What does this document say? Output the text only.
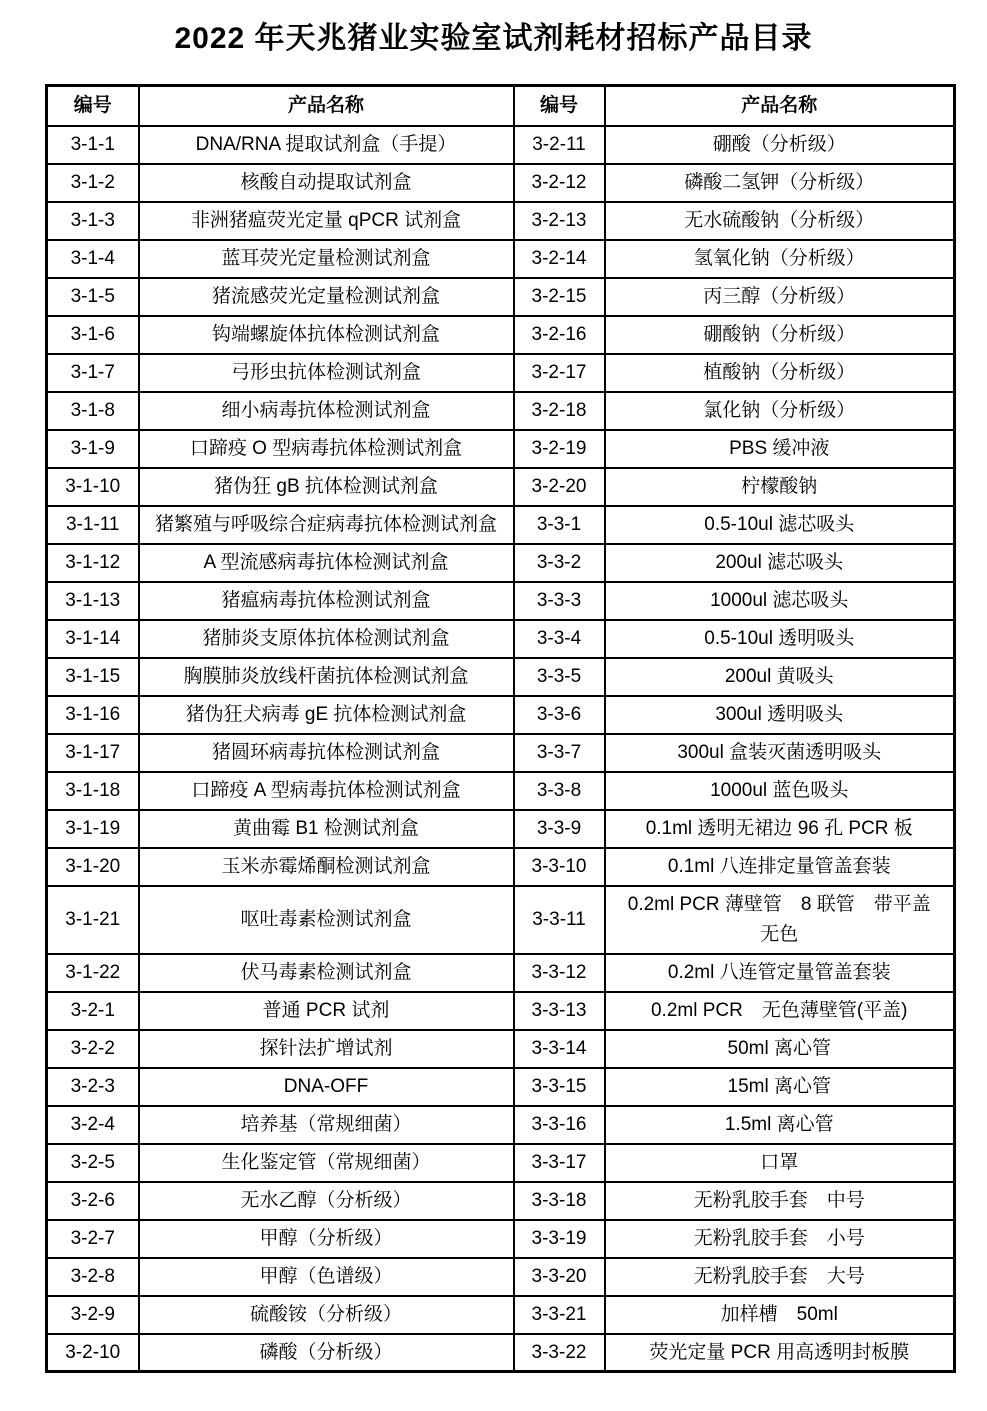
2022 年天兆猪业实验室试剂耗材招标产品目录
编号	产品名称	编号	产品名称
3-1-1	DNA/RNA 提取试剂盒（手提）	3-2-11	硼酸（分析级）
3-1-2	核酸自动提取试剂盒	3-2-12	磷酸二氢钾（分析级）
3-1-3	非洲猪瘟荧光定量 qPCR 试剂盒	3-2-13	无水硫酸钠（分析级）
3-1-4	蓝耳荧光定量检测试剂盒	3-2-14	氢氧化钠（分析级）
3-1-5	猪流感荧光定量检测试剂盒	3-2-15	丙三醇（分析级）
3-1-6	钩端螺旋体抗体检测试剂盒	3-2-16	硼酸钠（分析级）
3-1-7	弓形虫抗体检测试剂盒	3-2-17	植酸钠（分析级）
3-1-8	细小病毒抗体检测试剂盒	3-2-18	氯化钠（分析级）
3-1-9	口蹄疫 O 型病毒抗体检测试剂盒	3-2-19	PBS 缓冲液
3-1-10	猪伪狂 gB 抗体检测试剂盒	3-2-20	柠檬酸钠
3-1-11	猪繁殖与呼吸综合症病毒抗体检测试剂盒	3-3-1	0.5-10ul 滤芯吸头
3-1-12	A 型流感病毒抗体检测试剂盒	3-3-2	200ul 滤芯吸头
3-1-13	猪瘟病毒抗体检测试剂盒	3-3-3	1000ul 滤芯吸头
3-1-14	猪肺炎支原体抗体检测试剂盒	3-3-4	0.5-10ul 透明吸头
3-1-15	胸膜肺炎放线杆菌抗体检测试剂盒	3-3-5	200ul 黄吸头
3-1-16	猪伪狂犬病毒 gE 抗体检测试剂盒	3-3-6	300ul 透明吸头
3-1-17	猪圆环病毒抗体检测试剂盒	3-3-7	300ul 盒装灭菌透明吸头
3-1-18	口蹄疫 A 型病毒抗体检测试剂盒	3-3-8	1000ul 蓝色吸头
3-1-19	黄曲霉 B1 检测试剂盒	3-3-9	0.1ml 透明无裙边 96 孔 PCR 板
3-1-20	玉米赤霉烯酮检测试剂盒	3-3-10	0.1ml 八连排定量管盖套装
3-1-21	呕吐毒素检测试剂盒	3-3-11	0.2ml PCR 薄壁管　8 联管　带平盖　无色
3-1-22	伏马毒素检测试剂盒	3-3-12	0.2ml 八连管定量管盖套装
3-2-1	普通 PCR 试剂	3-3-13	0.2ml PCR　无色薄壁管(平盖)
3-2-2	探针法扩增试剂	3-3-14	50ml 离心管
3-2-3	DNA-OFF	3-3-15	15ml 离心管
3-2-4	培养基（常规细菌）	3-3-16	1.5ml 离心管
3-2-5	生化鉴定管（常规细菌）	3-3-17	口罩
3-2-6	无水乙醇（分析级）	3-3-18	无粉乳胶手套　中号
3-2-7	甲醇（分析级）	3-3-19	无粉乳胶手套　小号
3-2-8	甲醇（色谱级）	3-3-20	无粉乳胶手套　大号
3-2-9	硫酸铵（分析级）	3-3-21	加样槽　50ml
3-2-10	磷酸（分析级）	3-3-22	荧光定量 PCR 用高透明封板膜
